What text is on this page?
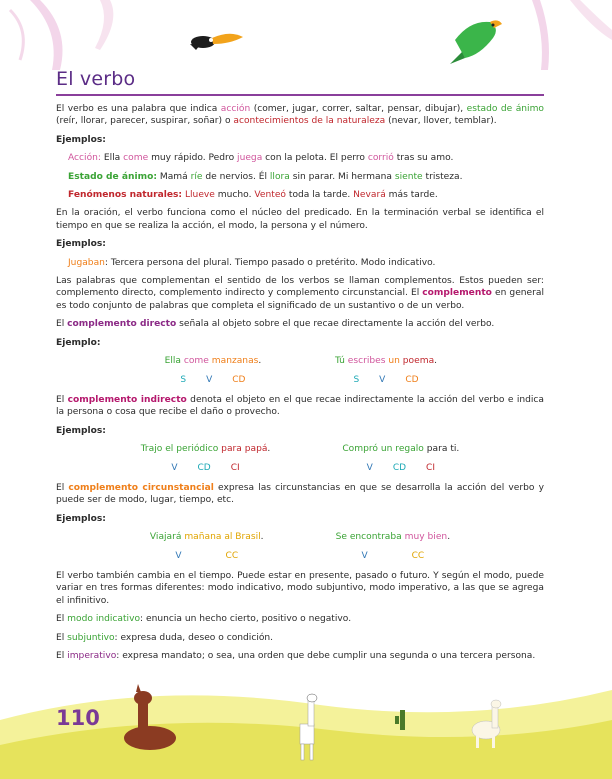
El verbo

El verbo es una palabra que indica acción (comer, jugar, correr, saltar, pensar, dibujar), estado de ánimo (reír, llorar, parecer, suspirar, soñar) o acontecimientos de la naturaleza (nevar, llover, temblar).

Ejemplos:

Acción: Ella come muy rápido. Pedro juega con la pelota. El perro corrió tras su amo.

Estado de ánimo: Mamá ríe de nervios. Él llora sin parar. Mi hermana siente tristeza.

Fenómenos naturales: Llueve mucho. Venteó toda la tarde. Nevará más tarde.

En la oración, el verbo funciona como el núcleo del predicado. En la terminación verbal se identifica el tiempo en que se realiza la acción, el modo, la persona y el número.

Ejemplos:

Jugaban: Tercera persona del plural. Tiempo pasado o pretérito. Modo indicativo.

Las palabras que complementan el sentido de los verbos se llaman complementos. Estos pueden ser: complemento directo, complemento indirecto y complemento circunstancial. El complemento en general es todo conjunto de palabras que completa el significado de un sustantivo o de un verbo.

El complemento directo señala al objeto sobre el que recae directamente la acción del verbo.

Ejemplo:

Ella come manzanas.
S V CD
Tú escribes un poema.
S V CD

El complemento indirecto denota el objeto en el que recae indirectamente la acción del verbo e indica la persona o cosa que recibe el daño o provecho.

Ejemplos:

Trajo el periódico para papá.
V CD CI
Compró un regalo para ti.
V CD CI

El complemento circunstancial expresa las circunstancias en que se desarrolla la acción del verbo y puede ser de modo, lugar, tiempo, etc.

Ejemplos:

Viajará mañana al Brasil.
V	CC
Se encontraba muy bien.
V	CC

El verbo también cambia en el tiempo. Puede estar en presente, pasado o futuro. Y según el modo, puede variar en tres formas diferentes: modo indicativo, modo subjuntivo, modo imperativo, a las que se agrega el infinitivo.

El modo indicativo: enuncia un hecho cierto, positivo o negativo.

El subjuntivo: expresa duda, deseo o condición.

El imperativo: expresa mandato; o sea, una orden que debe cumplir una segunda o una tercera persona.

110
